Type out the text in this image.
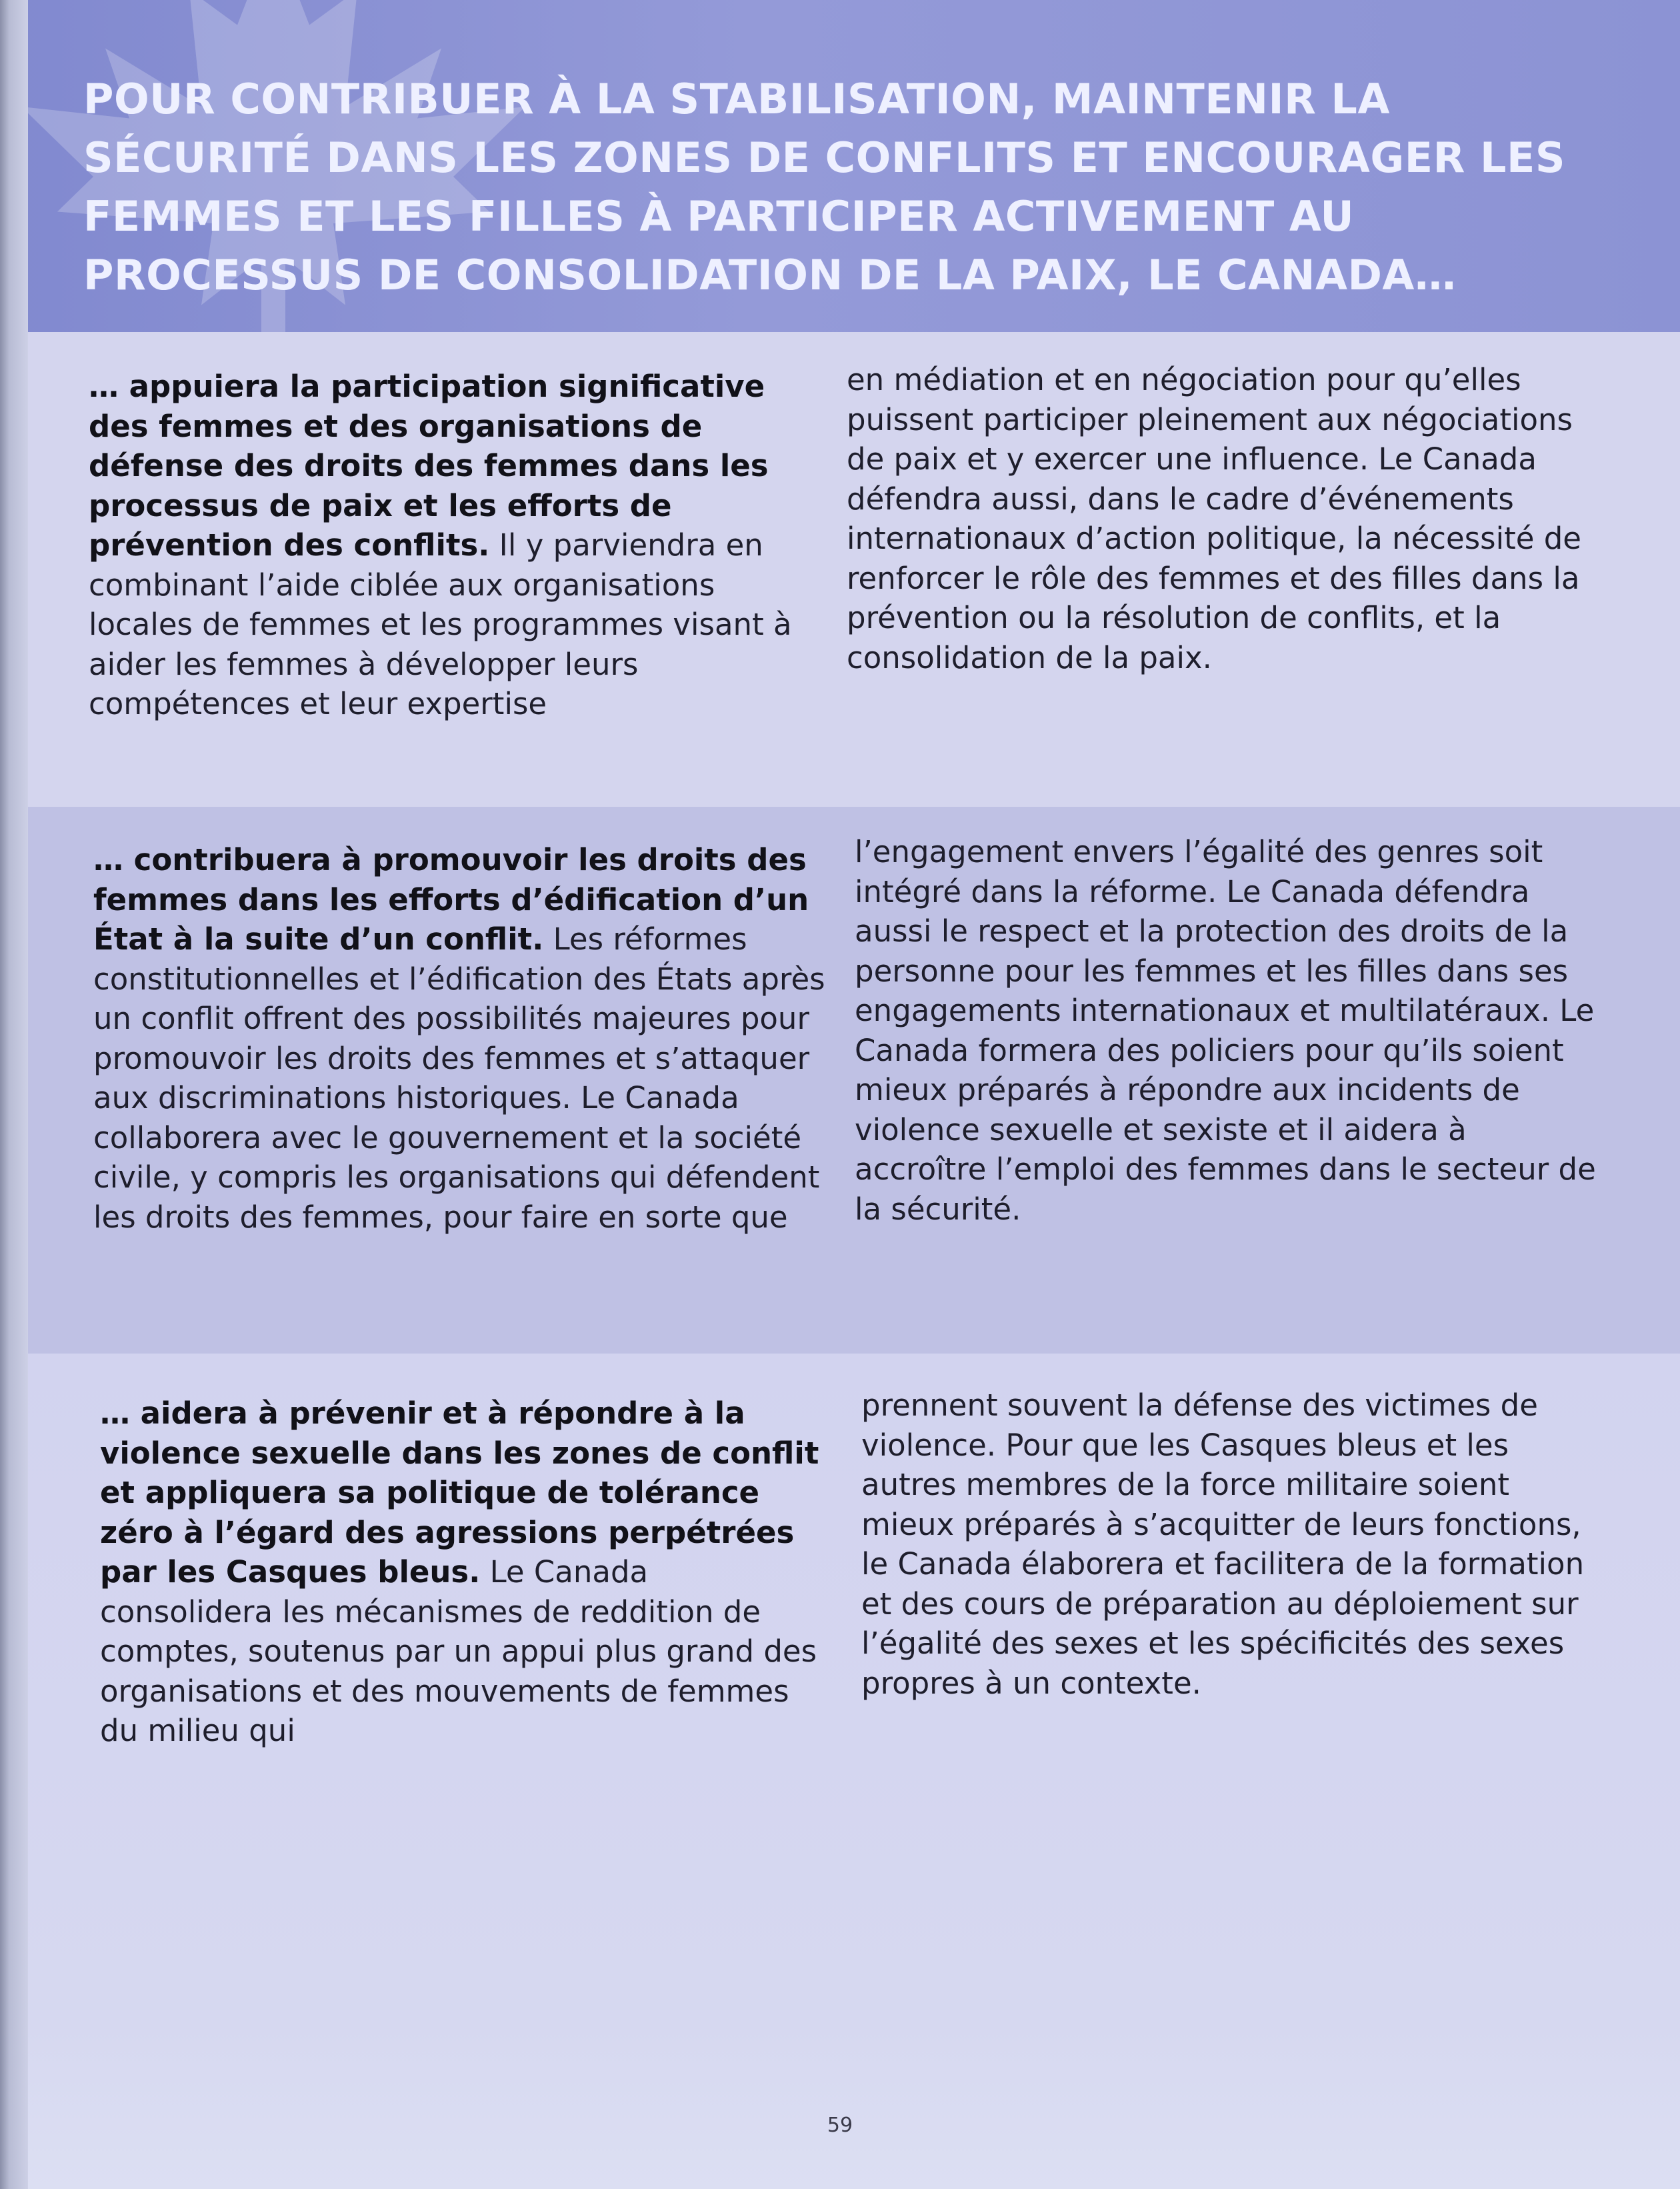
POUR CONTRIBUER À LA STABILISATION, MAINTENIR LA SÉCURITÉ DANS LES ZONES DE CONFLITS ET ENCOURAGER LES FEMMES ET LES FILLES À PARTICIPER ACTIVEMENT AU PROCESSUS DE CONSOLIDATION DE LA PAIX, LE CANADA…

… appuiera la participation significative des femmes et des organisations de défense des droits des femmes dans les processus de paix et les efforts de prévention des conflits. Il y parviendra en combinant l’aide ciblée aux organisations locales de femmes et les programmes visant à aider les femmes à développer leurs compétences et leur expertise

en médiation et en négociation pour qu’elles puissent participer pleinement aux négociations de paix et y exercer une influence. Le Canada défendra aussi, dans le cadre d’événements internationaux d’action politique, la nécessité de renforcer le rôle des femmes et des filles dans la prévention ou la résolution de conflits, et la consolidation de la paix.

… contribuera à promouvoir les droits des femmes dans les efforts d’édification d’un État à la suite d’un conflit. Les réformes constitutionnelles et l’édification des États après un conflit offrent des possibilités majeures pour promouvoir les droits des femmes et s’attaquer aux discriminations historiques. Le Canada collaborera avec le gouvernement et la société civile, y compris les organisations qui défendent les droits des femmes, pour faire en sorte que

l’engagement envers l’égalité des genres soit intégré dans la réforme. Le Canada défendra aussi le respect et la protection des droits de la personne pour les femmes et les filles dans ses engagements internationaux et multilatéraux. Le Canada formera des policiers pour qu’ils soient mieux préparés à répondre aux incidents de violence sexuelle et sexiste et il aidera à accroître l’emploi des femmes dans le secteur de la sécurité.

… aidera à prévenir et à répondre à la violence sexuelle dans les zones de conflit et appliquera sa politique de tolérance zéro à l’égard des agressions perpétrées par les Casques bleus. Le Canada consolidera les mécanismes de reddition de comptes, soutenus par un appui plus grand des organisations et des mouvements de femmes du milieu qui

prennent souvent la défense des victimes de violence. Pour que les Casques bleus et les autres membres de la force militaire soient mieux préparés à s’acquitter de leurs fonctions, le Canada élaborera et facilitera de la formation et des cours de préparation au déploiement sur l’égalité des sexes et les spécificités des sexes propres à un contexte.

59
